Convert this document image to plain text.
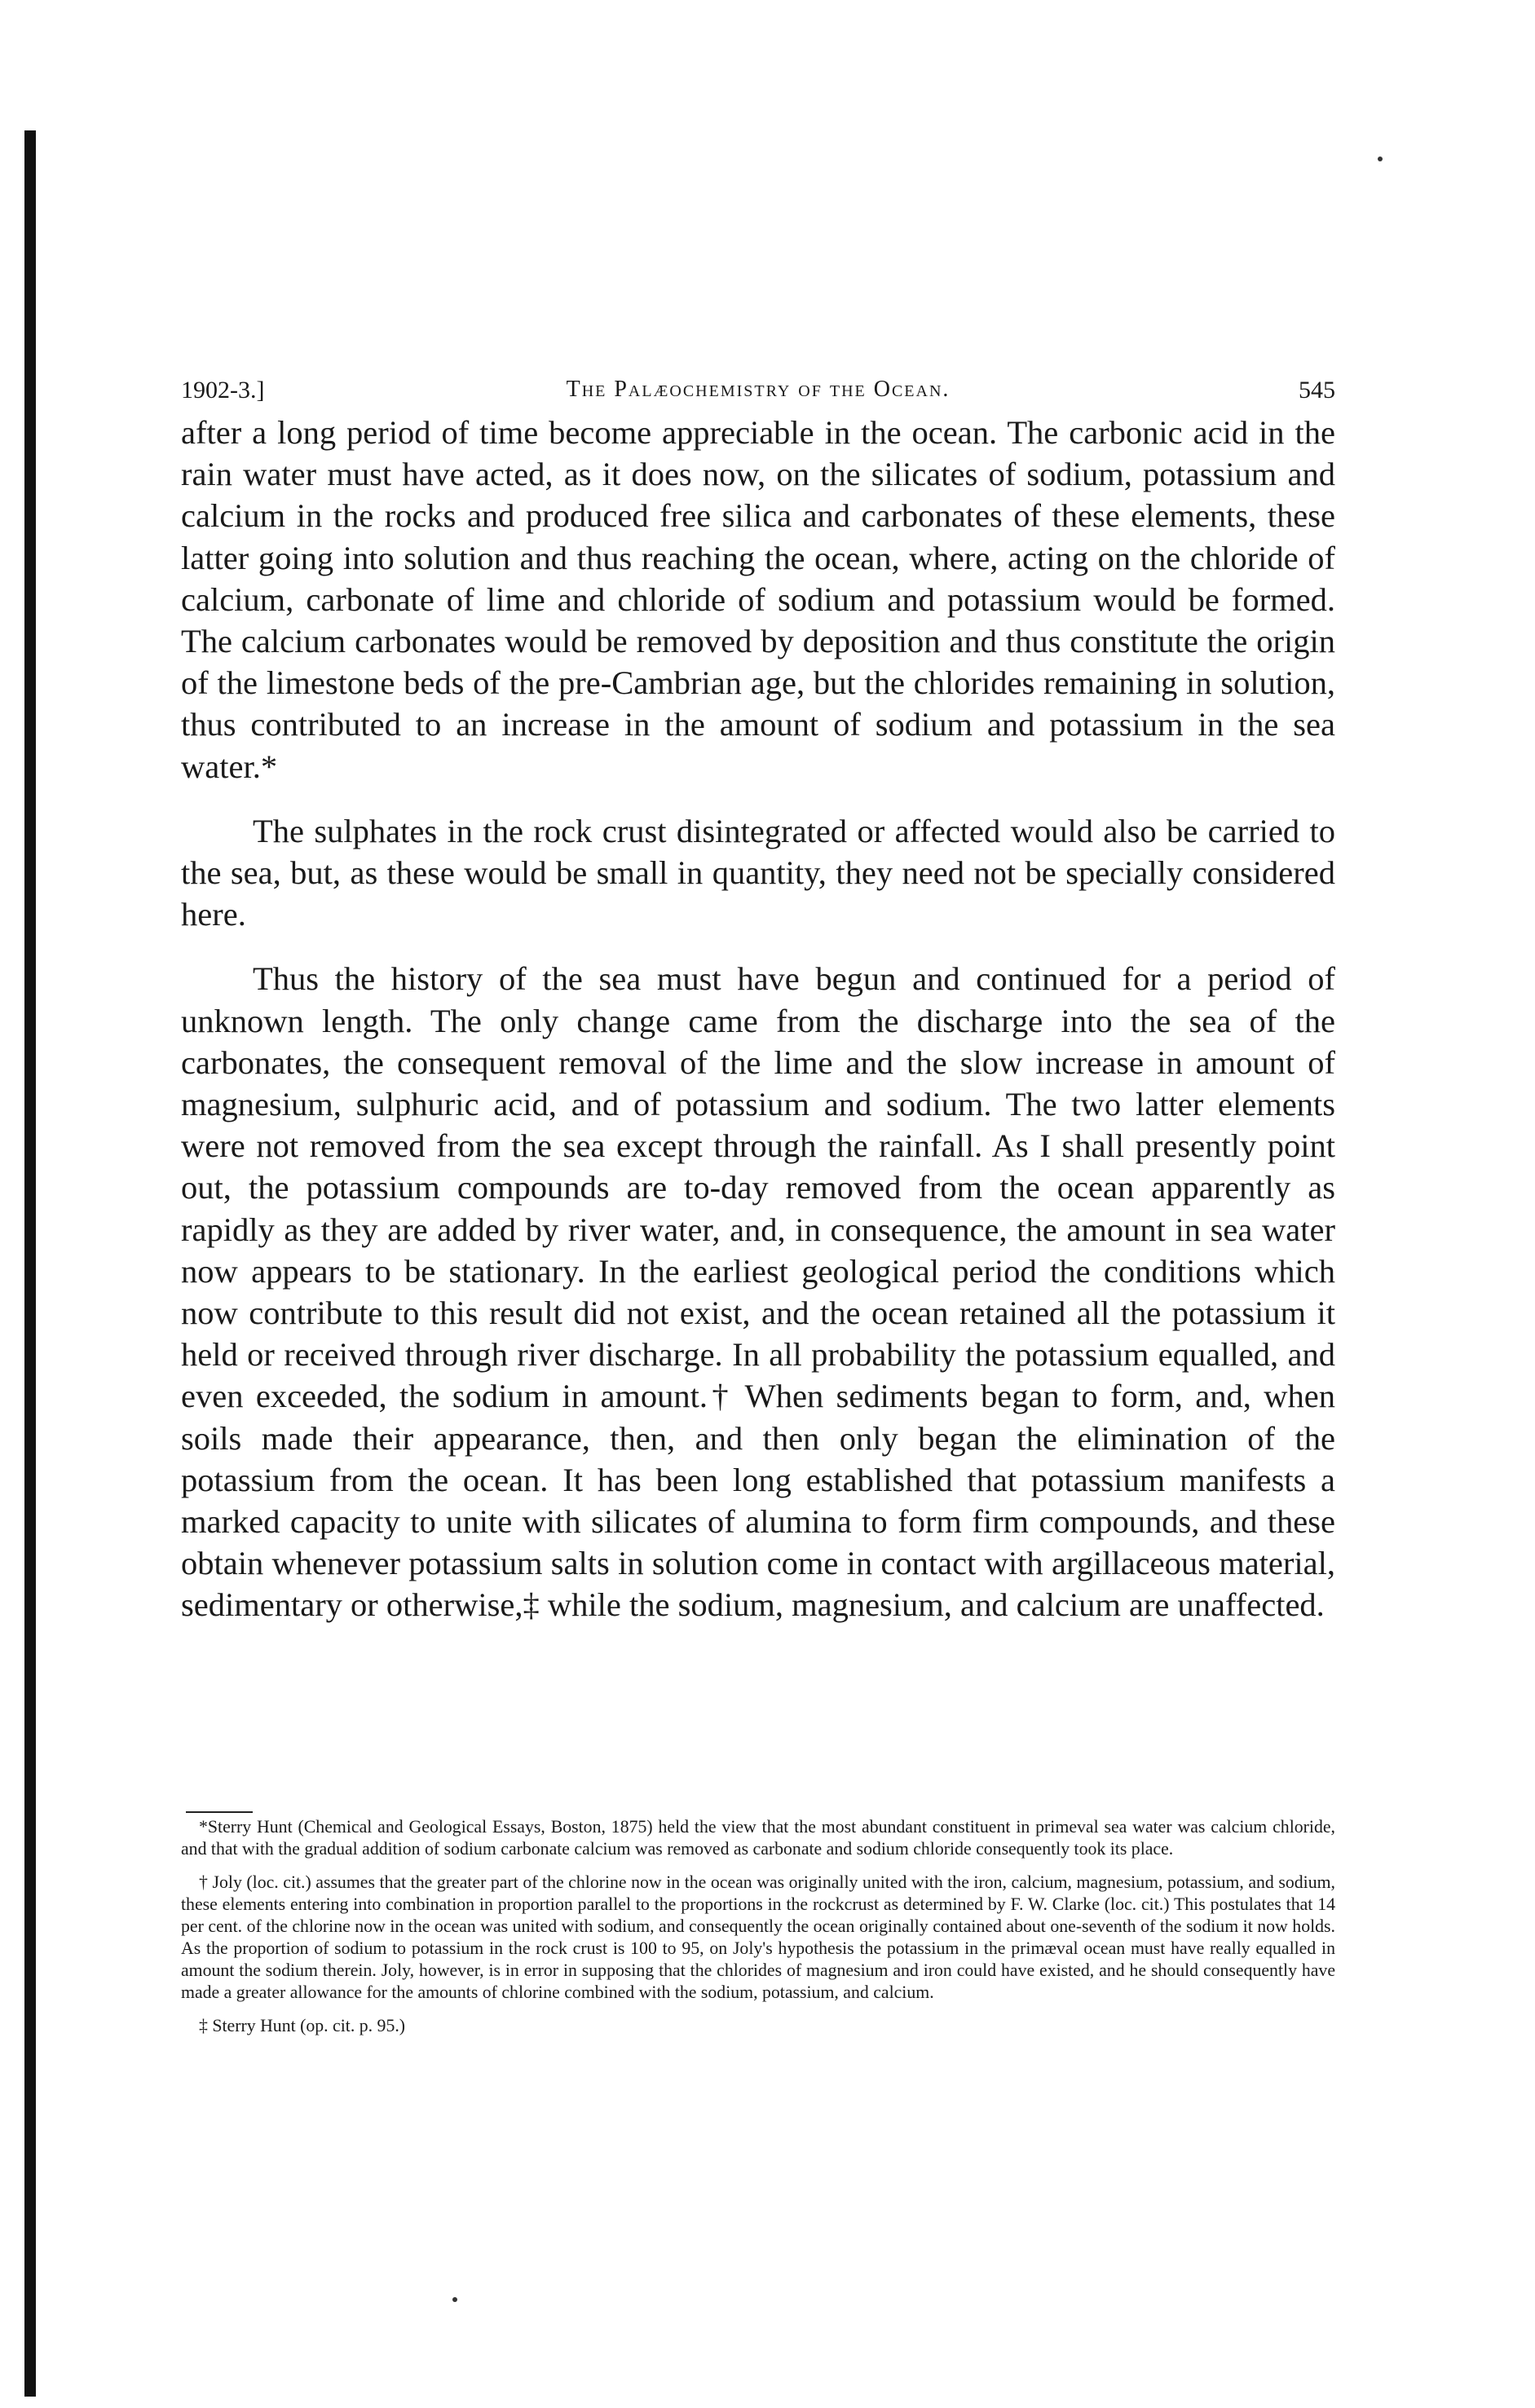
1902-3.]	The Palæochemistry of the Ocean.	545

after a long period of time become appreciable in the ocean. The carbonic acid in the rain water must have acted, as it does now, on the silicates of sodium, potassium and calcium in the rocks and produced free silica and carbonates of these elements, these latter going into solution and thus reaching the ocean, where, acting on the chloride of calcium, carbonate of lime and chloride of sodium and potassium would be formed. The calcium carbonates would be removed by deposition and thus constitute the origin of the limestone beds of the pre-Cambrian age, but the chlorides remaining in solution, thus contributed to an increase in the amount of sodium and potassium in the sea water.*

The sulphates in the rock crust disintegrated or affected would also be carried to the sea, but, as these would be small in quantity, they need not be specially considered here.

Thus the history of the sea must have begun and continued for a period of unknown length. The only change came from the discharge into the sea of the carbonates, the consequent removal of the lime and the slow increase in amount of magnesium, sulphuric acid, and of potassium and sodium. The two latter elements were not removed from the sea except through the rainfall. As I shall presently point out, the potassium compounds are to-day removed from the ocean apparently as rapidly as they are added by river water, and, in consequence, the amount in sea water now appears to be stationary. In the earliest geological period the conditions which now contribute to this result did not exist, and the ocean retained all the potassium it held or received through river discharge. In all probability the potassium equalled, and even exceeded, the sodium in amount.† When sediments began to form, and, when soils made their appearance, then, and then only began the elimination of the potassium from the ocean. It has been long established that potassium manifests a marked capacity to unite with silicates of alumina to form firm compounds, and these obtain whenever potassium salts in solution come in contact with argillaceous material, sedimentary or otherwise,‡ while the sodium, magnesium, and calcium are unaffected.

*Sterry Hunt (Chemical and Geological Essays, Boston, 1875) held the view that the most abundant constituent in primeval sea water was calcium chloride, and that with the gradual addition of sodium carbonate calcium was removed as carbonate and sodium chloride consequently took its place.

† Joly (loc. cit.) assumes that the greater part of the chlorine now in the ocean was originally united with the iron, calcium, magnesium, potassium, and sodium, these elements entering into combination in proportion parallel to the proportions in the rockcrust as determined by F. W. Clarke (loc. cit.) This postulates that 14 per cent. of the chlorine now in the ocean was united with sodium, and consequently the ocean originally contained about one-seventh of the sodium it now holds. As the proportion of sodium to potassium in the rock crust is 100 to 95, on Joly's hypothesis the potassium in the primæval ocean must have really equalled in amount the sodium therein. Joly, however, is in error in supposing that the chlorides of magnesium and iron could have existed, and he should consequently have made a greater allowance for the amounts of chlorine combined with the sodium, potassium, and calcium.

‡ Sterry Hunt (op. cit. p. 95.)
